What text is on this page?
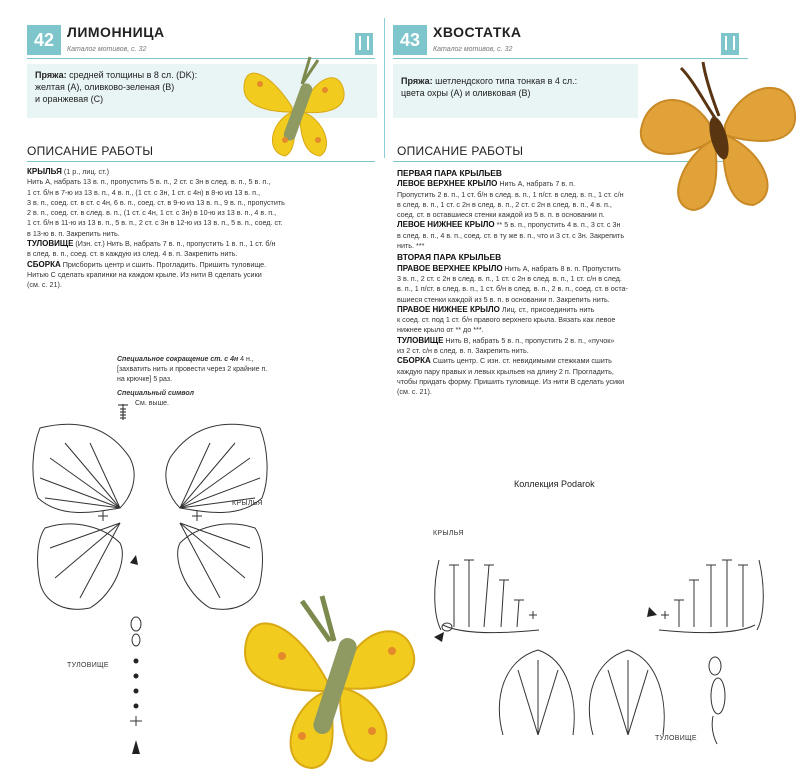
42 ЛИМОННИЦА
Каталог мотивов, с. 32
Пряжа: средней толщины в 8 сл. (DK):
желтая (А), оливково-зеленая (В)
и оранжевая (С)
ОПИСАНИЕ РАБОТЫ

КРЫЛЬЯ (1 р., лиц. ст.)

Нить А, набрать 13 в. п., пропустить 5 в. п., 2 ст. с 3н в след. в. п., 5 в. п.,

1 ст. б/н в 7-ю из 13 в. п., 4 в. п., (1 ст. с 3н, 1 ст. с 4н) в 8-ю из 13 в. п.,

3 в. п., соед. ст. в ст. с 4н, 6 в. п., соед. ст. в 9-ю из 13 в. п., 9 в. п., пропустить

2 в. п., соед. ст. в след. в. п., (1 ст. с 4н, 1 ст. с 3н) в 10-ю из 13 в. п., 4 в. п.,

1 ст. б/н в 11-ю из 13 в. п., 5 в. п., 2 ст. с 3н в 12-ю из 13 в. п., 5 в. п., соед. ст.

в 13-ю в. п. Закрепить нить.

ТУЛОВИЩЕ (Изн. ст.) Нить В, набрать 7 в. п., пропустить 1 в. п., 1 ст. б/н

в след. в. п., соед. ст. в каждую из след. 4 в. п. Закрепить нить.

СБОРКА Присборить центр и сшить. Прогладить. Пришить туловище.

Нитью С сделать крапинки на каждом крыле. Из нити В сделать усики

(см. с. 21).

Специальное сокращение ст. с 4н 4 н.,
[захватить нить и провести через 2 крайние п.
на крючке] 5 раз.
Специальный символ
См. выше.
КРЫЛЬЯ
ТУЛОВИЩЕ
43 ХВОСТАТКА
Каталог мотивов, с. 32
Пряжа: шетлендского типа тонкая в 4 сл.:
цвета охры (А) и оливковая (В)
ОПИСАНИЕ РАБОТЫ

ПЕРВАЯ ПАРА КРЫЛЬЕВ

ЛЕВОЕ ВЕРХНЕЕ КРЫЛО Нить А, набрать 7 в. п.

Пропустить 2 в. п., 1 ст. б/н в след. в. п., 1 п/ст. в след. в. п., 1 ст. с/н

в след. в. п., 1 ст. с 2н в след. в. п., 2 ст. с 2н в след. в. п., 4 в. п.,

соед. ст. в оставшиеся стенки каждой из 5 в. п. в основании п.

ЛЕВОЕ НИЖНЕЕ КРЫЛО ** 5 в. п., пропустить 4 в. п., 3 ст. с 3н

в след. в. п., 4 в. п., соед. ст. в ту же в. п., что и 3 ст. с 3н. Закрепить

нить. ***

ВТОРАЯ ПАРА КРЫЛЬЕВ

ПРАВОЕ ВЕРХНЕЕ КРЫЛО Нить А, набрать 8 в. п. Пропустить

3 в. п., 2 ст. с 2н в след. в. п., 1 ст. с 2н в след. в. п., 1 ст. с/н в след.

в. п., 1 п/ст. в след. в. п., 1 ст. б/н в след. в. п., 2 в. п., соед. ст. в оста-

вшиеся стенки каждой из 5 в. п. в основании п. Закрепить нить.

ПРАВОЕ НИЖНЕЕ КРЫЛО Лиц. ст., присоединить нить

к соед. ст. под 1 ст. б/н правого верхнего крыла. Вязать как левое

нижнее крыло от ** до ***.

ТУЛОВИЩЕ Нить В, набрать 5 в. п., пропустить 2 в. п., «пучок»

из 2 ст. с/н в след. в. п. Закрепить нить.

СБОРКА Сшить центр. С изн. ст. невидимыми стежками сшить

каждую пару правых и левых крыльев на длину 2 п. Прогладить,

чтобы придать форму. Пришить туловище. Из нити В сделать усики

(см. с. 21).

Коллекция Podarok
КРЫЛЬЯ
ТУЛОВИЩЕ
